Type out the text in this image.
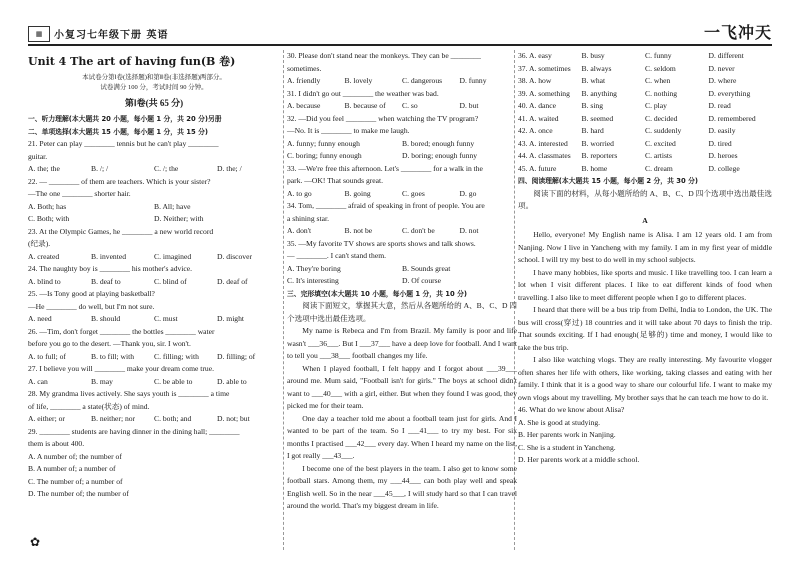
▦	小复习七年级下册 英语	一飞冲天
Unit 4 The art of having fun(B 卷)
本试卷分第Ⅰ卷(选择题)和第Ⅱ卷(非选择题)两部分。
试卷满分 100 分，考试时间 90 分钟。
第Ⅰ卷(共 65 分)
一、听力理解(本大题共 20 小题，每小题 1 分，共 20 分)另册
二、单项选择(本大题共 15 小题，每小题 1 分，共 15 分)
21. Peter can play ________ tennis but he can't play ________
guitar.
A. the; the	B. /; /	C. /; the	D. the; /
22. — ________ of them are teachers. Which is your sister?
—The one ________ shorter hair.
A. Both; has	B. All; have
C. Both; with	D. Neither; with
23. At the Olympic Games, he ________ a new world record
(纪录).
A. created	B. invented	C. imagined	D. discover
24. The naughty boy is ________ his mother's advice.
A. blind to	B. deaf to	C. blind of	D. deaf of
25. —Is Tony good at playing basketball?
—He ________ do well, but I'm not sure.
A. need	B. should	C. must	D. might
26. —Tim, don't forget ________ the bottles ________ water
before you go to the desert. —Thank you, sir. I won't.
A. to full; of	B. to fill; with	C. filling; with	D. filling; of
27. I believe you will ________ make your dream come true.
A. can	B. may	C. be able to	D. able to
28. My grandma lives actively. She says youth is ________ a time
of life, ________ a state(状态) of mind.
A. either; or	B. neither; nor	C. both; and	D. not; but
29. ________ students are having dinner in the dining hall; ________
them is about 400.
A. A number of; the number of
B. A number of; a number of
C. The number of; a number of
D. The number of; the number of
30. Please don't stand near the monkeys. They can be ________
sometimes.
A. friendly	B. lovely	C. dangerous	D. funny
31. I didn't go out ________ the weather was bad.
A. because	B. because of	C. so	D. but
32. —Did you feel ________ when watching the TV program?
—No. It is ________ to make me laugh.
A. funny; funny enough	B. bored; enough funny
C. boring; funny enough	D. boring; enough funny
33. —We're free this afternoon. Let's ________ for a walk in the
park. —OK! That sounds great.
A. to go	B. going	C. goes	D. go
34. Tom, ________ afraid of speaking in front of people. You are
a shining star.
A. don't	B. not be	C. don't be	D. not
35. —My favorite TV shows are sports shows and talk shows.
— ________. I can't stand them.
A. They're boring	B. Sounds great
C. It's interesting	D. Of course
三、完形填空(本大题共 10 小题，每小题 1 分，共 10 分)

阅读下面短文，掌握其大意，然后从各题所给的 A、B、C、D 四个选项中选出最佳选项。

My name is Rebeca and I'm from Brazil. My family is poor and life wasn't ___36___. But I ___37___ have a deep love for football. And I want to tell you ___38___ football changes my life.

When I played football, I felt happy and I forgot about ___39___ around me. Mum said, "Football isn't for girls." The boys at school didn't want to ___40___ with a girl, either. But when they found I was good, they picked me for their team.

One day a teacher told me about a football team just for girls. And I wanted to be part of the team. So I ___41___ to try my best. For six months I practised ___42___ every day. When I heard my name on the list, I got really ___43___.

I become one of the best players in the team. I also get to know some football stars. Among them, my ___44___ can both play well and speak English well. So in the near ___45___, I will study hard so that I can travel around the world. That's my biggest dream in life.

36. A. easy	B. busy	C. funny	D. different
37. A. sometimes	B. always	C. seldom	D. never
38. A. how	B. what	C. when	D. where
39. A. something	B. anything	C. nothing	D. everything
40. A. dance	B. sing	C. play	D. read
41. A. waited	B. seemed	C. decided	D. remembered
42. A. once	B. hard	C. suddenly	D. easily
43. A. interested	B. worried	C. excited	D. tired
44. A. classmates	B. reporters	C. artists	D. heroes
45. A. future	B. home	C. dream	D. college
四、阅读理解(本大题共 15 小题，每小题 2 分，共 30 分)

阅读下面的材料，从每小题所给的 A、B、C、D 四个选项中选出最佳选项。

A

Hello, everyone! My English name is Alisa. I am 12 years old. I am from Nanjing. Now I live in Yancheng with my family. I am in my first year of middle school. I will try my best to do well in my school subjects.

I have many hobbies, like sports and music. I like travelling too. I can learn a lot when I visit different places. I like to eat different kinds of food when travelling. I also like to meet different people when I go to different places.

I heard that there will be a bus trip from Delhi, India to London, the UK. The bus will cross(穿过) 18 countries and it will take about 70 days to finish the trip. That sounds exciting. If I had enough(足够的) time and money, I would like to take the bus trip.

I also like watching vlogs. They are really interesting. My favourite vlogger often shares her life with others, like working, taking classes and eating with her family. I think that it is a good way to share our colourful life. I want to make my own vlogs about my travelling. My brother says that he can teach me how to do it.

46. What do we know about Alisa?
A. She is good at studying.
B. Her parents work in Nanjing.
C. She is a student in Yancheng.
D. Her parents work at a middle school.
✿
